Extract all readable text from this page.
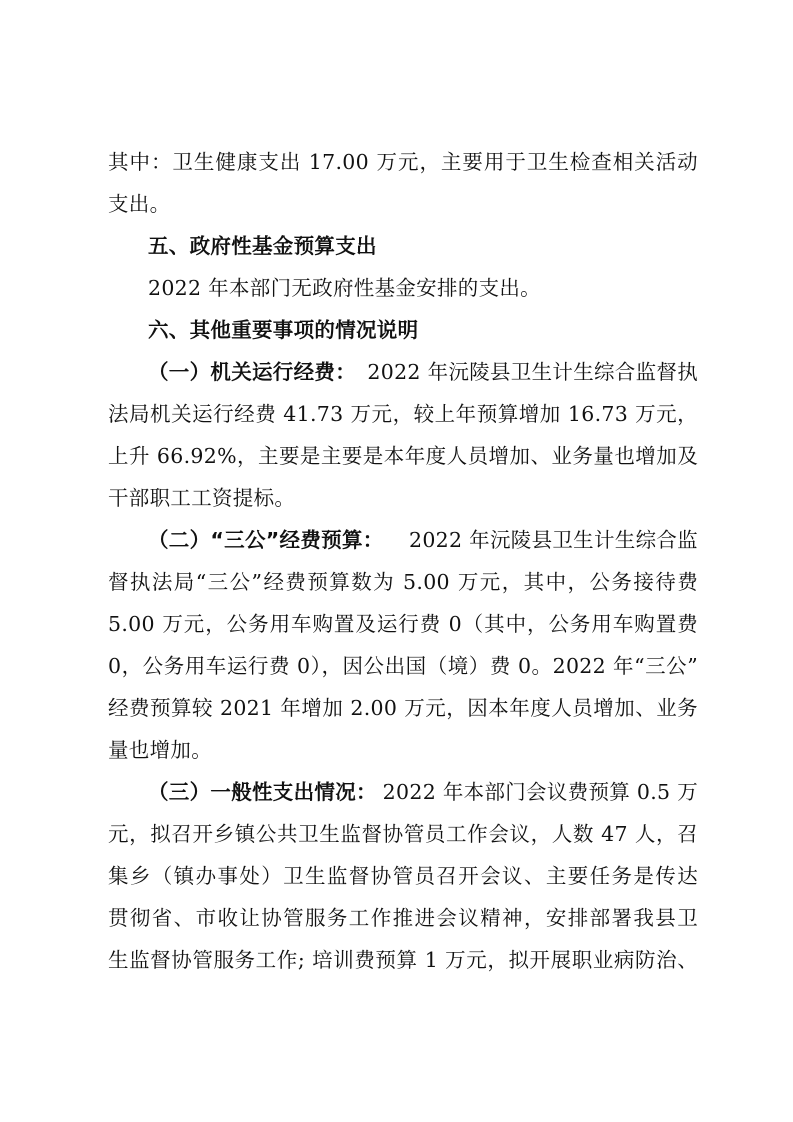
其中：卫生健康支出 17.00 万元，主要用于卫生检查相关活动
支出。
五、政府性基金预算支出
2022 年本部门无政府性基金安排的支出。
六、其他重要事项的情况说明
（一）机关运行经费： 2022 年沅陵县卫生计生综合监督执
法局机关运行经费 41.73 万元，较上年预算增加 16.73 万元，
上升 66.92%，主要是主要是本年度人员增加、业务量也增加及
干部职工工资提标。
（二）“三公”经费预算： 2022 年沅陵县卫生计生综合监
督执法局“三公”经费预算数为 5.00 万元，其中，公务接待费
5.00 万元，公务用车购置及运行费 0（其中，公务用车购置费
0，公务用车运行费 0），因公出国（境）费 0。2022 年“三公”
经费预算较 2021 年增加 2.00 万元，因本年度人员增加、业务
量也增加。
（三）一般性支出情况： 2022 年本部门会议费预算 0.5 万
元，拟召开乡镇公共卫生监督协管员工作会议，人数 47 人，召
集乡（镇办事处）卫生监督协管员召开会议、主要任务是传达
贯彻省、市收让协管服务工作推进会议精神，安排部署我县卫
生监督协管服务工作; 培训费预算 1 万元，拟开展职业病防治、
